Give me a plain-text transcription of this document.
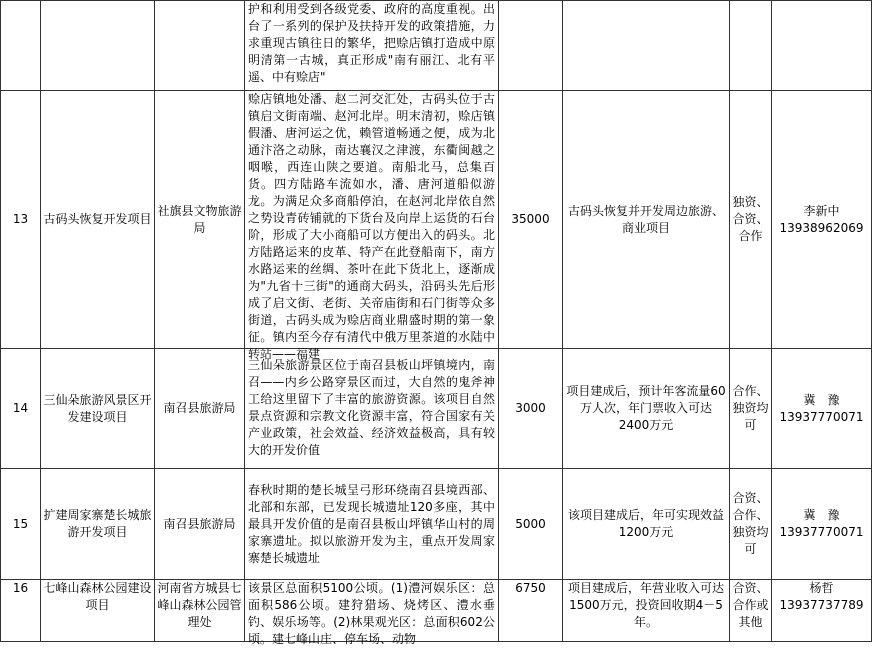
			护和利用受到各级党委、政府的高度重视。出台了一系列的保护及扶持开发的政策措施，力求重现古镇往日的繁华，把赊店镇打造成中原明清第一古城，真正形成"南有丽江、北有平遥、中有赊店"				

13	古码头恢复开发项目	社旗县文物旅游局	赊店镇地处潘、赵二河交汇处，古码头位于古镇启文街南端、赵河北岸。明末清初，赊店镇假潘、唐河运之优，赖管道畅通之便，成为北通汴洛之动脉，南达襄汉之津渡，东衢闽越之咽喉，西连山陕之要道。南船北马，总集百货。四方陆路车流如水，潘、唐河道船似游龙。为满足众多商船停泊，在赵河北岸依自然之势设青砖铺就的下货台及向岸上运货的石台阶，形成了大小商船可以方便出入的码头。北方陆路运来的皮革、特产在此登船南下，南方水路运来的丝绸、茶叶在此下货北上，逐渐成为"九省十三街"的通商大码头，沿码头先后形成了启文街、老街、关帝庙街和石门街等众多街道，古码头成为赊店商业鼎盛时期的第一象征。镇内至今存有清代中俄万里茶道的水陆中转站——福建	35000	古码头恢复并开发周边旅游、商业项目	独资、合资、合作	李新中
13938962069

14	三仙朵旅游风景区开发建设项目	南召县旅游局	三仙朵旅游景区位于南召县板山坪镇境内，南召——内乡公路穿景区而过，大自然的鬼斧神工给这里留下了丰富的旅游资源。该项目自然景点资源和宗教文化资源丰富，符合国家有关产业政策，社会效益、经济效益极高，具有较大的开发价值	3000	项目建成后，预计年客流量60万人次，年门票收入可达2400万元	合作、独资均可	冀　豫
13937770071

15	扩建周家寨楚长城旅游开发项目	南召县旅游局	春秋时期的楚长城呈弓形环绕南召县境西部、北部和东部，已发现长城遗址120多座，其中最具开发价值的是南召县板山坪镇华山村的周家寨遗址。拟以旅游开发为主，重点开发周家寨楚长城遗址	5000	该项目建成后，年可实现效益1200万元	合资、合作、独资均可	冀　豫
13937770071

16	七峰山森林公园建设项目	河南省方城县七峰山森林公园管理处	该景区总面积5100公顷。(1)澧河娱乐区：总面积586公顷。建狩猎场、烧烤区、澧水垂钓、娱乐场等。(2)林果观光区：总面积602公顷。建七峰山庄、停车场、动物	6750	项目建成后，年营业收入可达1500万元，投资回收期4－5年。	合资、合作或其他	杨哲
13937737789
